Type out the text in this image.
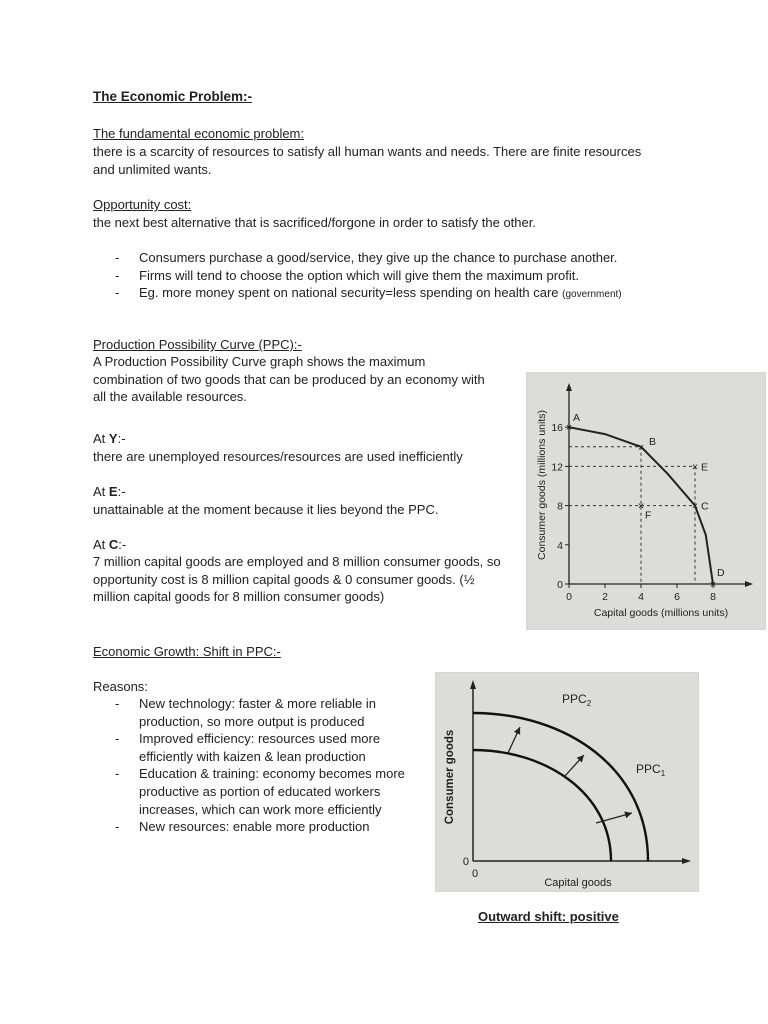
The Economic Problem:-
The fundamental economic problem:
there is a scarcity of resources to satisfy all human wants and needs. There are finite resources and unlimited wants.
Opportunity cost:
the next best alternative that is sacrificed/forgone in order to satisfy the other.
- Consumers purchase a good/service, they give up the chance to purchase another.
- Firms will tend to choose the option which will give them the maximum profit.
- Eg. more money spent on national security=less spending on health care (government)
Production Possibility Curve (PPC):-
A Production Possibility Curve graph shows the maximum combination of two goods that can be produced by an economy with all the available resources.
At Y:-
there are unemployed resources/resources are used inefficiently
At E:-
unattainable at the moment because it lies beyond the PPC.
At C:-
7 million capital goods are employed and 8 million consumer goods, so opportunity cost is 8 million capital goods & 0 consumer goods. (½ million capital goods for 8 million consumer goods)	0	2	4	6	8
0
4
8
12
16
Capital goods (millions units)
Consumer goods (millions units) ×
A
× B
× E
× C
×
F
×
D
Economic Growth: Shift in PPC:-
Reasons:
- New technology: faster & more reliable in production, so more output is produced
- Improved efficiency: resources used more efficiently with kaizen & lean production
- Education & training: economy becomes more productive as portion of educated workers increases, which can work more efficiently
- New resources: enable more production
0
0
Capital goods
Consumer goods	$PPC_1$
$PPC_2$
Outward shift: positive
